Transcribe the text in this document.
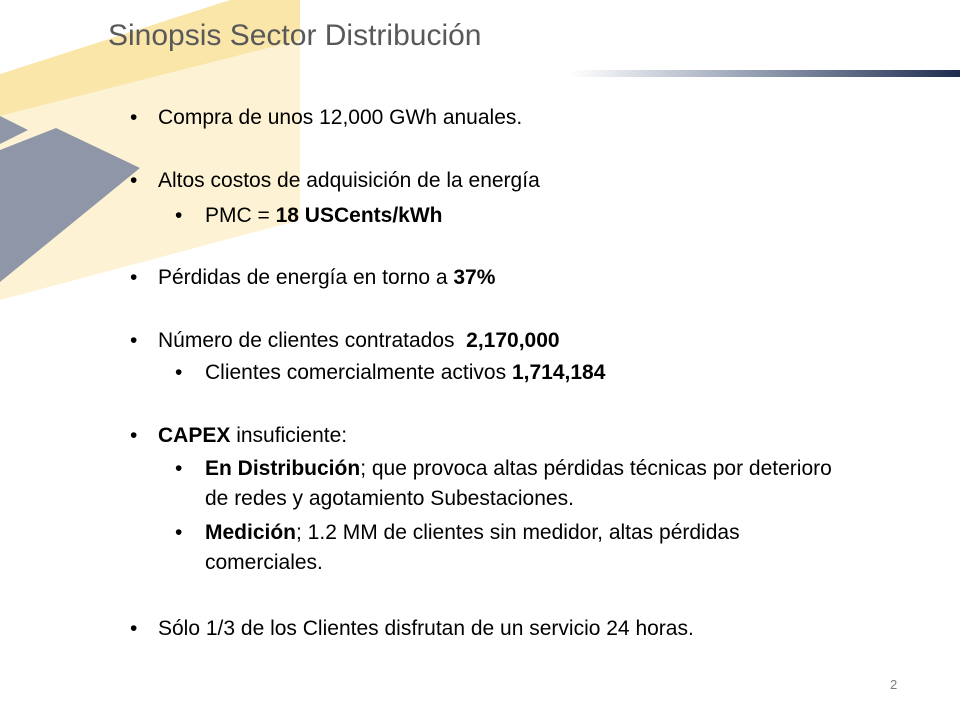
Sinopsis Sector Distribución
• Compra de unos 12,000 GWh anuales.
• Altos costos de adquisición de la energía
• PMC = 18 USCents/kWh
• Pérdidas de energía en torno a 37%
• Número de clientes contratados  2,170,000
• Clientes comercialmente activos 1,714,184
• CAPEX insuficiente:
• En Distribución; que provoca altas pérdidas técnicas por deterioro de redes y agotamiento Subestaciones.
• Medición; 1.2 MM de clientes sin medidor, altas pérdidas comerciales.
• Sólo 1/3 de los Clientes disfrutan de un servicio 24 horas.
2
